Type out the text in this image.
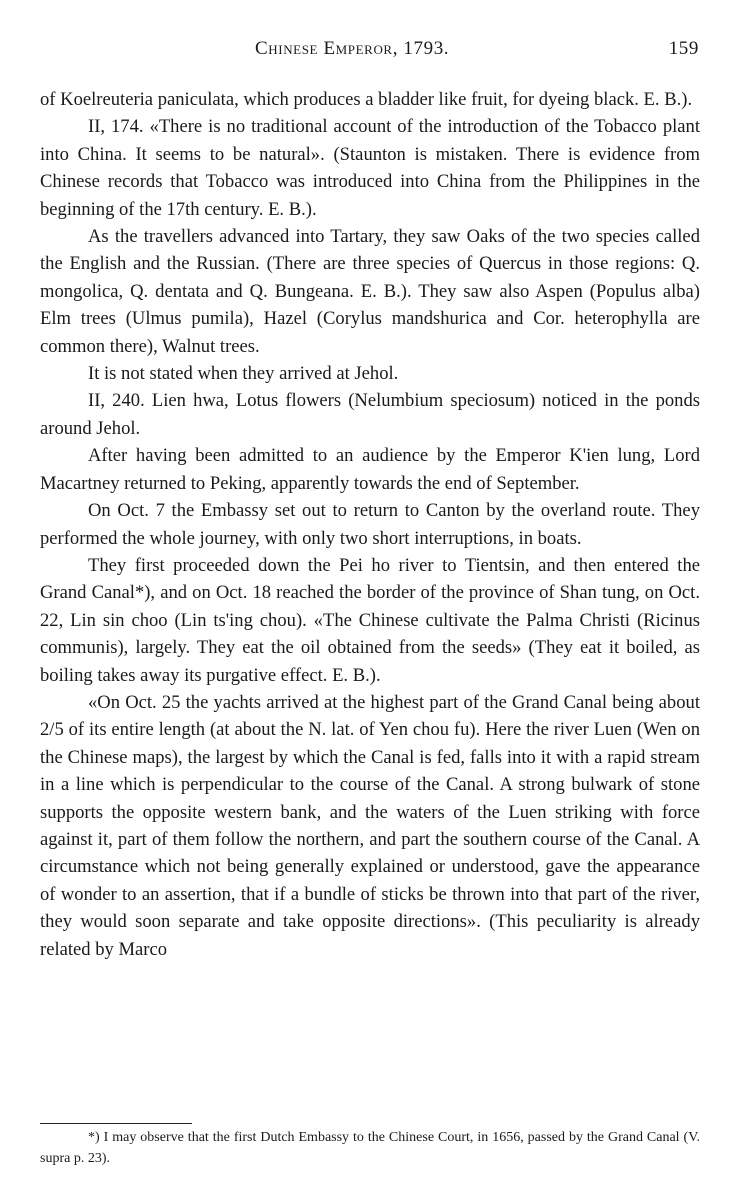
Chinese Emperor, 1793.	159

of Koelreuteria paniculata, which produces a bladder like fruit, for dyeing black. E. B.).

II, 174. «There is no traditional account of the introduction of the Tobacco plant into China. It seems to be natural». (Staunton is mistaken. There is evidence from Chinese records that Tobacco was introduced into China from the Philippines in the beginning of the 17th century. E. B.).

As the travellers advanced into Tartary, they saw Oaks of the two species called the English and the Russian. (There are three species of Quercus in those regions: Q. mongolica, Q. dentata and Q. Bungeana. E. B.). They saw also Aspen (Populus alba) Elm trees (Ulmus pumila), Hazel (Corylus mandshurica and Cor. heterophylla are common there), Walnut trees.

It is not stated when they arrived at Jehol.

II, 240. Lien hwa, Lotus flowers (Nelumbium speciosum) noticed in the ponds around Jehol.

After having been admitted to an audience by the Emperor K'ien lung, Lord Macartney returned to Peking, apparently towards the end of September.

On Oct. 7 the Embassy set out to return to Canton by the overland route. They performed the whole journey, with only two short interruptions, in boats.

They first proceeded down the Pei ho river to Tientsin, and then entered the Grand Canal*), and on Oct. 18 reached the border of the province of Shan tung, on Oct. 22, Lin sin choo (Lin ts'ing chou). «The Chinese cultivate the Palma Christi (Ricinus communis), largely. They eat the oil obtained from the seeds» (They eat it boiled, as boiling takes away its purgative effect. E. B.).

«On Oct. 25 the yachts arrived at the highest part of the Grand Canal being about 2/5 of its entire length (at about the N. lat. of Yen chou fu). Here the river Luen (Wen on the Chinese maps), the largest by which the Canal is fed, falls into it with a rapid stream in a line which is perpendicular to the course of the Canal. A strong bulwark of stone supports the opposite western bank, and the waters of the Luen striking with force against it, part of them follow the northern, and part the southern course of the Canal. A circumstance which not being generally explained or understood, gave the appearance of wonder to an assertion, that if a bundle of sticks be thrown into that part of the river, they would soon separate and take opposite directions». (This peculiarity is already related by Marco

*) I may observe that the first Dutch Embassy to the Chinese Court, in 1656, passed by the Grand Canal (V. supra p. 23).
